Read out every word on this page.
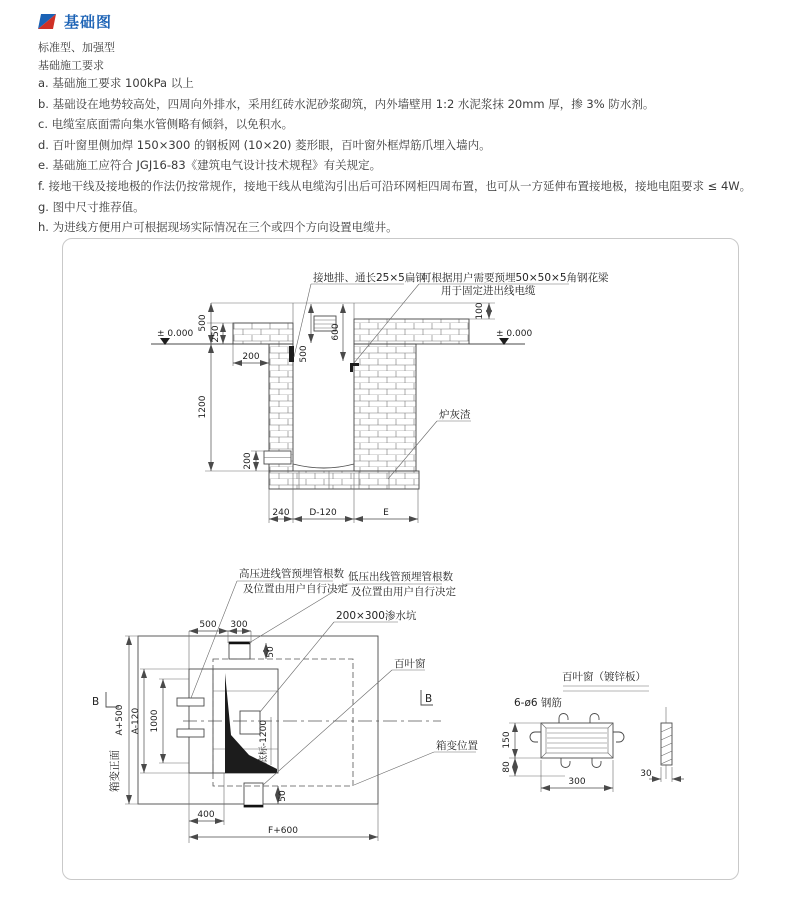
基础图
标准型、加强型
基础施工要求
a. 基础施工要求 100kPa 以上
b. 基础设在地势较高处，四周向外排水，采用红砖水泥砂浆砌筑，内外墙壁用 1:2 水泥浆抹 20mm 厚，掺 3% 防水剂。
c. 电缆室底面需向集水管侧略有倾斜，以免积水。
d. 百叶窗里侧加焊 150×300 的钢板网 (10×20) 菱形眼，百叶窗外框焊筋爪埋入墙内。
e. 基础施工应符合 JGJ16-83《建筑电气设计技术规程》有关规定。
f. 接地干线及接地极的作法仍按常规作，接地干线从电缆沟引出后可沿环网柜四周布置，也可从一方延伸布置接地极，接地电阻要求 ≤ 4W。
g. 图中尺寸推荐值。
h. 为进线方便用户可根据现场实际情况在三个或四个方向设置电缆井。
100
600
500
500
250
1200
200
200
240 D-120	E
接地排、通长25×5扁钢
可根据用户需要预埋50×50×5角钢花梁
用于固定进出线电缆
± 0.000	± 0.000
炉灰渣
底标-1200
500 300
50
50
A+500 A-120 1000
400
F+600
B	B
高压进线管预埋管根数
及位置由用户自行决定
低压出线管预埋管根数
及位置由用户自行决定
200×300渗水坑
百叶窗
箱变位置
箱变正面
百叶窗（镀锌板）
6-ø6 钢筋
150
80
300
30
